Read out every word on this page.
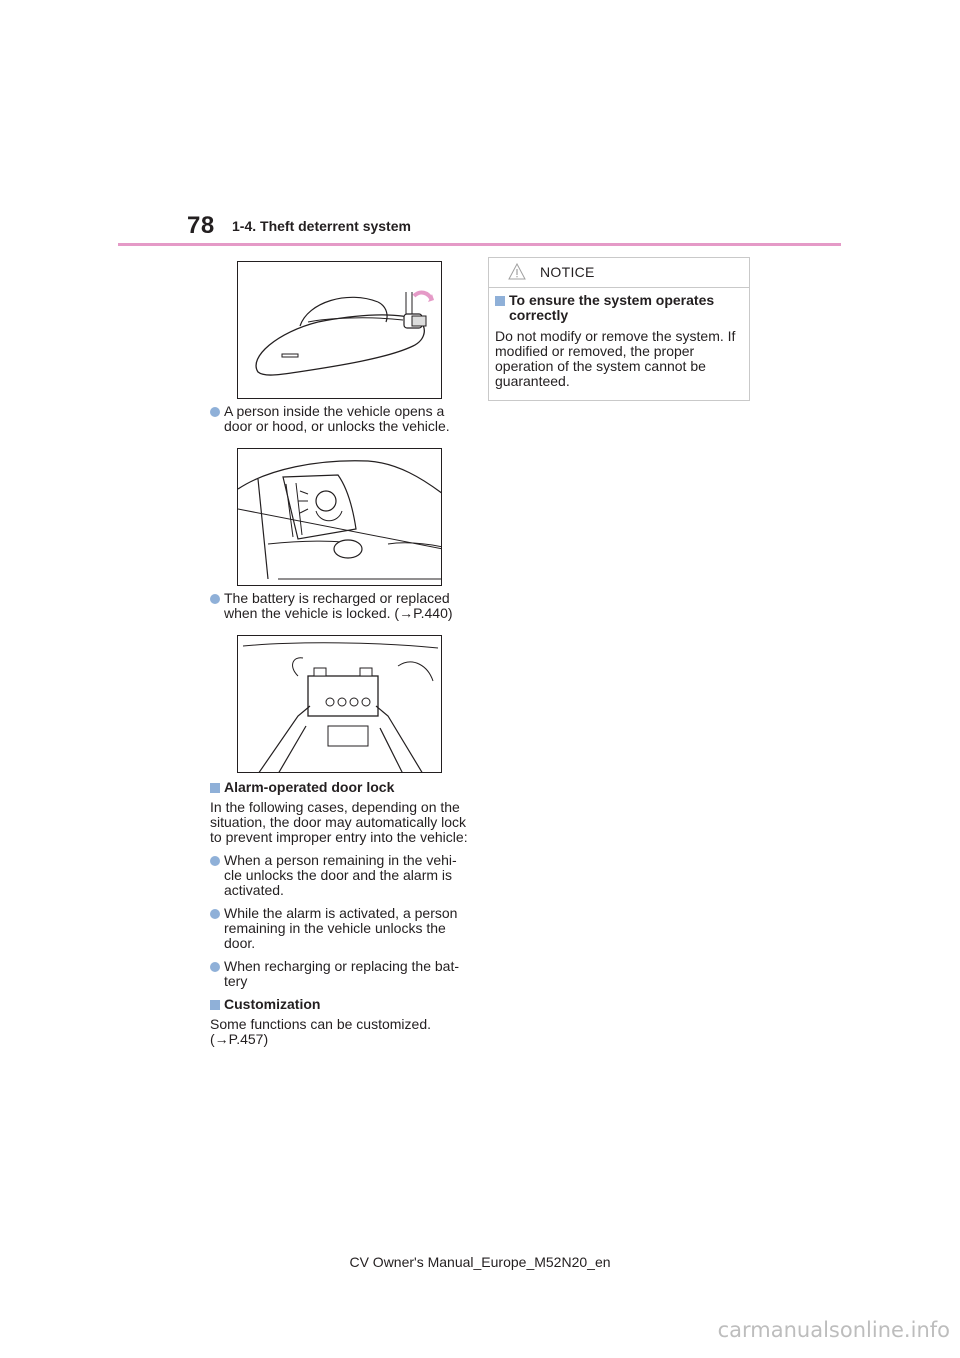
78 1-4. Theft deterrent system
A person inside the vehicle opens a door or hood, or unlocks the vehicle.
The battery is recharged or replaced when the vehicle is locked. (→P.440)
Alarm-operated door lock
In the following cases, depending on the situation, the door may automatically lock to prevent improper entry into the vehicle:
When a person remaining in the vehi-cle unlocks the door and the alarm is activated.
While the alarm is activated, a person remaining in the vehicle unlocks the door.
When recharging or replacing the bat-tery
Customization
Some functions can be customized. (→P.457)
NOTICE
To ensure the system operates correctly
Do not modify or remove the system. If modified or removed, the proper operation of the system cannot be guaranteed.
CV Owner's Manual_Europe_M52N20_en
carmanualsonline.info
